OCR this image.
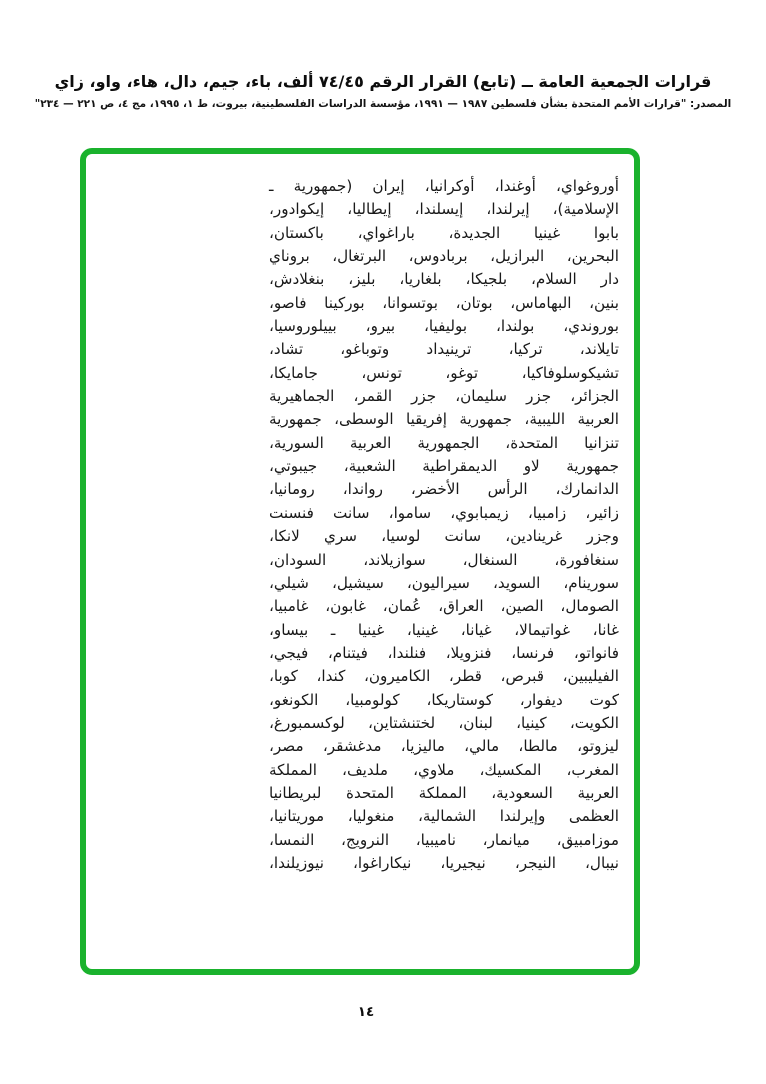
قرارات الجمعية العامة ــ (تابع) القرار الرقم ٧٤/٤٥ ألف، باء، جيم، دال، هاء، واو، زاي
المصدر: "قرارات الأمم المتحدة بشأن فلسطين ١٩٨٧ — ١٩٩١، مؤسسة الدراسات الفلسطينية، بيروت، ط ١، ١٩٩٥، مج ٤، ص ٢٢١ — ٢٣٤"
أوروغواي، أوغندا، أوكرانيا، إيران (جمهورية ـ
الإسلامية)، إيرلندا، إيسلندا، إيطاليا، إيكوادور،
بابوا غينيا الجديدة، باراغواي، باكستان،
البحرين، البرازيل، بربادوس، البرتغال، بروناي
دار السلام، بلجيكا، بلغاريا، بليز، بنغلادش،
بنين، البهاماس، بوتان، بوتسوانا، بوركينا فاصو،
بوروندي، بولندا، بوليفيا، بيرو، بييلوروسيا،
تايلاند، تركيا، ترينيداد وتوباغو، تشاد،
تشيكوسلوفاكيا، توغو، تونس، جامايكا،
الجزائر، جزر سليمان، جزر القمر، الجماهيرية
العربية الليبية، جمهورية إفريقيا الوسطى، جمهورية
تنزانيا المتحدة، الجمهورية العربية السورية،
جمهورية لاو الديمقراطية الشعبية، جيبوتي،
الدانمارك، الرأس الأخضر، رواندا، رومانيا،
زائير، زامبيا، زيمبابوي، ساموا، سانت فنسنت
وجزر غرينادين، سانت لوسيا، سري لانكا،
سنغافورة، السنغال، سوازيلاند، السودان،
سورينام، السويد، سيراليون، سيشيل، شيلي،
الصومال، الصين، العراق، عُمان، غابون، غامبيا،
غانا، غواتيمالا، غيانا، غينيا، غينيا ـ بيساو،
فانواتو، فرنسا، فنزويلا، فنلندا، فيتنام، فيجي،
الفيليبين، قبرص، قطر، الكاميرون، كندا، كوبا،
كوت ديفوار، كوستاريكا، كولومبيا، الكونغو،
الكويت، كينيا، لبنان، لختنشتاين، لوكسمبورغ،
ليزوتو، مالطا، مالي، ماليزيا، مدغشقر، مصر،
المغرب، المكسيك، ملاوي، ملديف، المملكة
العربية السعودية، المملكة المتحدة لبريطانيا
العظمى وإيرلندا الشمالية، منغوليا، موريتانيا،
موزامبيق، ميانمار، ناميبيا، النرويج، النمسا،
نيبال، النيجر، نيجيريا، نيكاراغوا، نيوزيلندا،
١٤
